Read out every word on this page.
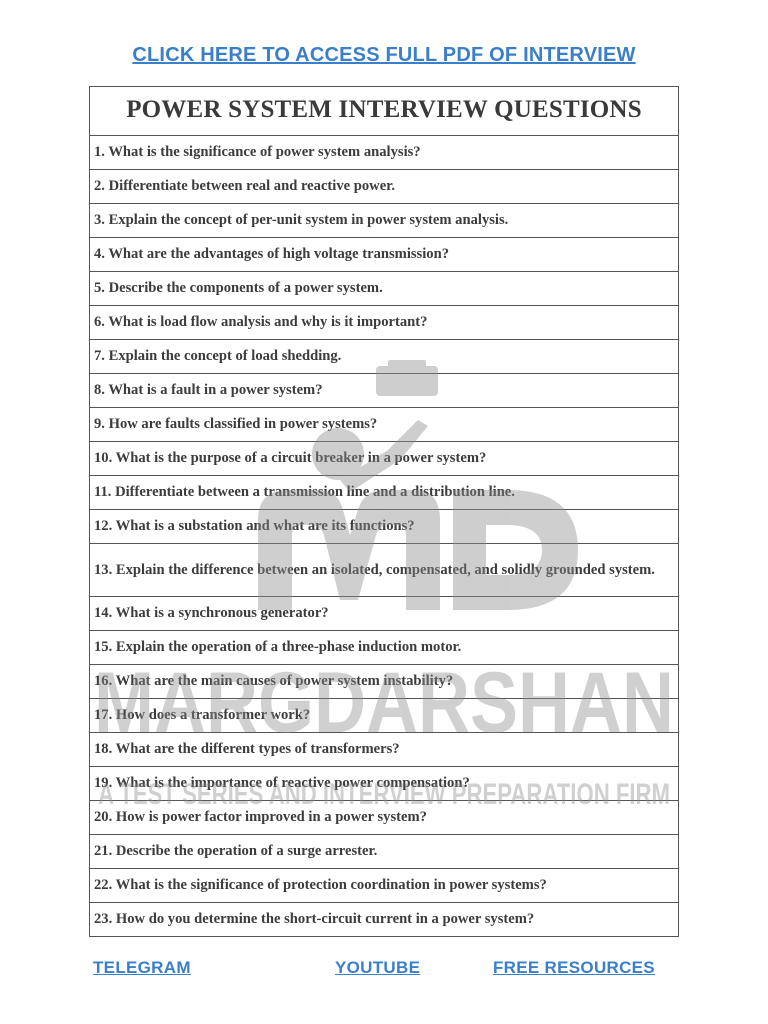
CLICK HERE TO ACCESS FULL PDF OF INTERVIEW
POWER SYSTEM INTERVIEW QUESTIONS
1. What is the significance of power system analysis?
2. Differentiate between real and reactive power.
3. Explain the concept of per-unit system in power system analysis.
4. What are the advantages of high voltage transmission?
5. Describe the components of a power system.
6. What is load flow analysis and why is it important?
7. Explain the concept of load shedding.
8. What is a fault in a power system?
9. How are faults classified in power systems?
10. What is the purpose of a circuit breaker in a power system?
11. Differentiate between a transmission line and a distribution line.
12. What is a substation and what are its functions?
13. Explain the difference between an isolated, compensated, and solidly grounded system.
14. What is a synchronous generator?
15. Explain the operation of a three-phase induction motor.
16. What are the main causes of power system instability?
17. How does a transformer work?
18. What are the different types of transformers?
19. What is the importance of reactive power compensation?
20. How is power factor improved in a power system?
21. Describe the operation of a surge arrester.
22. What is the significance of protection coordination in power systems?
23. How do you determine the short-circuit current in a power system?
MARGDARSHAN
A TEST SERIES AND INTERVIEW PREPARATION FIRM
TELEGRAM	YOUTUBE	FREE RESOURCES
